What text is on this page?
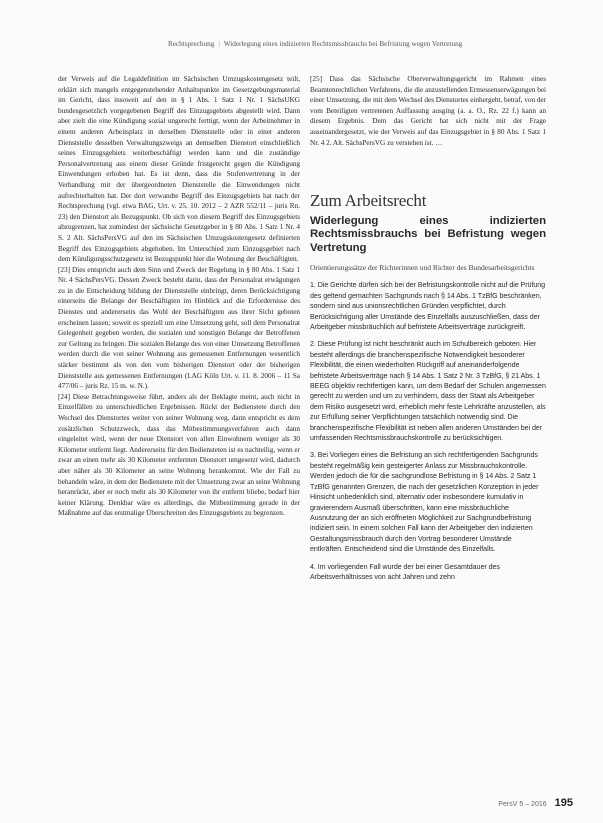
Rechtsprechung | Widerlegung eines indizierten Rechtsmissbrauchs bei Befristung wegen Vertretung

der Verweis auf die Legaldefinition im Sächsischen Umzugskostengesetz teilt, erklärt sich mangels entgegenstehender Anhaltspunkte im Gesetzgebungsmaterial im Gericht, dass insoweit auf den in § 1 Abs. 1 Satz 1 Nr. 1 SächsUKG bundesgesetzlich vorgegebenen Begriff des Einzugsgebiets abgestellt wird. Dann aber zielt die eine Kündigung sozial ungerecht ferttigt, wenn der Arbeitnehmer in einem anderen Arbeitsplatz in derselben Dienststelle oder in einer anderen Dienststelle desselben Verwaltungszweigs an demselben Dienstort einschließlich seines Einzugsgebiets weiterbeschäftigt werden kann und die zuständige Personalvertretung aus einem dieser Gründe fristgerecht gegen die Kündigung Einwendungen erhoben hat. Es ist denn, dass die Stufenvertretung in der Verhandlung mit der übergeordneten Dienststelle die Einwendungen nicht aufrechterhalten hat. Der dort verwandte Begriff des Einzugsgebiets hat nach der Rechtsprechung (vgl. etwa BAG, Urt. v. 25. 10. 2012 – 2 AZR 552/11 – juris Rn. 23) den Dienstort als Bezugspunkt. Ob sich von diesem Begriff des Einzugsgebiets abzugrenzen, hat zumindest der sächsische Gesetzgeber in § 80 Abs. 1 Satz 1 Nr. 4 S. 2 Alt. SächsPersVG auf den im Sächsischen Umzugskostengesetz definierten Begriff des Einzugsgebiets abgehoben. Im Unterschied zum Einzugsgebiet nach dem Kündigungsschutzgesetz ist Bezugspunkt hier die Wohnung der Beschäftigten.

[23] Dies entspricht auch dem Sinn und Zweck der Regelung in § 80 Abs. 1 Satz 1 Nr. 4 SächsPersVG. Dessen Zweck besteht darin, dass der Personalrat erwägungen zu in die Entscheidung bildung der Dienststelle einbringt, deren Berücksichtigung einerseits die Belange der Beschäftigten im Hinblick auf die Erfordernisse des Dienstes und andererseits das Wohl der Beschäftigten aus ihrer Sicht geboten erscheinen lassen; soweit es speziell um eine Umsetzung geht, soll dem Personalrat Gelegenheit gegeben werden, die sozialen und sonstigen Belange der Betroffenen zur Geltung zu bringen. Die sozialen Belange des von einer Umsetzung Betroffenen werden durch die von seiner Wohnung aus gemessenen Entfernungen wesentlich stärker bestimmt als von den vom bisherigen Dienstort oder der bisherigen Dienststelle aus gemessenen Entfernungen (LAG Köln Urt. v. 11. 8. 2006 – 11 Sa 477/06 – juris Rz. 15 m. w. N.).

[24] Diese Betrachtungsweise führt, anders als der Beklagte meint, auch nicht in Einzelfällen zu unterschiedlichen Ergebnissen. Rückt der Bedienstete durch den Wechsel des Dienstortes weiter von seiner Wohnung weg, dann entspricht es dem zusätzlichen Schutzzweck, dass das Mitbestimmungsverfahren auch dann eingeleitet wird, wenn der neue Dienstort von allen Einwohnern weniger als 30 Kilometer entfernt liegt. Andererseits für den Bediensteten ist es nachteilig, wenn er zwar an einen mehr als 30 Kilometer entfernten Dienstort umgesetzt wird, dadurch aber näher als 30 Kilometer an seine Wohnung herankommt. Wie der Fall zu behandeln wäre, in dem der Bedienstete mit der Umsetzung zwar an seine Wohnung heranrückt, aber er noch mehr als 30 Kilometer von ihr entfernt bliebe, bedarf hier keiner Klärung. Denkbar wäre es allerdings, die Mitbestimmung gerade in der Maßnahme auf das erstmalige Überschreiten des Einzugsgebiets zu begrenzen.

[25] Dass das Sächsische Oberverwaltungsgericht im Rahmen eines Beamtenrechtlichen Verfahrens, die die anzustellenden Ermessenserwägungen bei einer Umsetzung, die mit dem Wechsel des Dienstortes einhergeht, betraf, von der vom Beteiligten vertretenen Auffassung ausging (a. a. O., Rz. 22 f.) kann an diesem Ergebnis. Dem das Gericht hat sich nicht mit der Frage auseinandergesetzt, wie der Verweis auf das Einzugsgebiet in § 80 Abs. 1 Satz 1 Nr. 4 2. Alt. SächsPersVG zu verstehen ist. …

Zum Arbeitsrecht
Widerlegung eines indizierten Rechtsmissbrauchs bei Befristung wegen Vertretung
Orientierungssätze der Richterinnen und Richter des Bundesarbeitsgerichts

1. Die Gerichte dürfen sich bei der Befristungskontrolle nicht auf die Prüfung des geltend gemachten Sachgrunds nach § 14 Abs. 1 TzBfG beschränken, sondern sind aus unionsrechtlichen Gründen verpflichtet, durch Berücksichtigung aller Umstände des Einzelfalls auszuschließen, dass der Arbeitgeber missbräuchlich auf befristete Arbeitsverträge zurückgreift.

2. Diese Prüfung ist nicht beschränkt auch im Schulbereich geboten. Hier besteht allerdings die branchenspezifische Notwendigkeit besonderer Flexibilität, die einen wiederholten Rückgriff auf aneinanderfolgende befristete Arbeitsverträge nach § 14 Abs. 1 Satz 2 Nr. 3 TzBfG, § 21 Abs. 1 BEEG objektiv rechtfertigen kann, um dem Bedarf der Schulen angemessen gerecht zu werden und um zu verhindern, dass der Staat als Arbeitgeber dem Risiko ausgesetzt wird, erheblich mehr feste Lehrkräfte anzustellen, als zur Erfüllung seiner Verpflichtungen tatsächlich notwendig sind. Die branchenspezifische Flexibilität ist neben allen anderen Umständen bei der umfassenden Rechtsmissbrauchskontrolle zu berücksichtigen.

3. Bei Vorliegen eines die Befristung an sich rechtfertigenden Sachgrunds besteht regelmäßig kein gesteigerter Anlass zur Missbrauchskontrolle. Werden jedoch die für die sachgrundlose Befristung in § 14 Abs. 2 Satz 1 TzBfG genannten Grenzen, die nach der gesetzlichen Konzeption in jeder Hinsicht unbedenklich sind, alternativ oder insbesondere kumulativ in gravierendem Ausmaß überschritten, kann eine missbräuchliche Ausnutzung der an sich eröffneten Möglichkeit zur Sachgrundbefristung indiziert sein. In einem solchen Fall kann der Arbeitgeber den indizierten Gestaltungsmissbrauch durch den Vortrag besonderer Umstände entkräften. Entscheidend sind die Umstände des Einzelfalls.

4. Im vorliegenden Fall wurde der bei einer Gesamtdauer des Arbeitsverhältnisses von acht Jahren und zehn

PersV 5 – 2016 195
